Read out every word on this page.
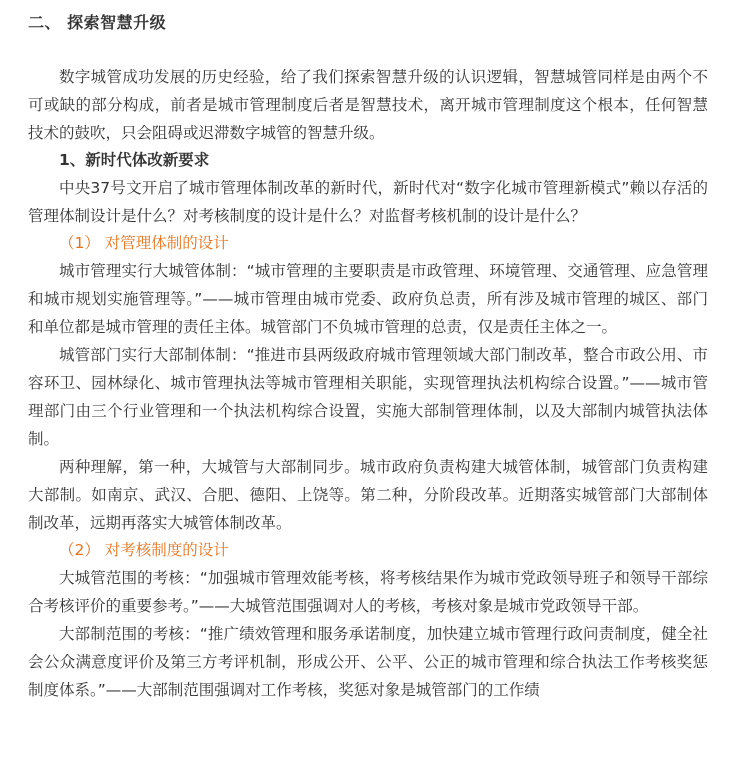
二、 探索智慧升级

数字城管成功发展的历史经验，给了我们探索智慧升级的认识逻辑，智慧城管同样是由两个不可或缺的部分构成，前者是城市管理制度后者是智慧技术，离开城市管理制度这个根本，任何智慧技术的鼓吹，只会阻碍或迟滞数字城管的智慧升级。

1、新时代体改新要求

中央37号文开启了城市管理体制改革的新时代，新时代对“数字化城市管理新模式”赖以存活的管理体制设计是什么？对考核制度的设计是什么？对监督考核机制的设计是什么？

（1） 对管理体制的设计

城市管理实行大城管体制：“城市管理的主要职责是市政管理、环境管理、交通管理、应急管理和城市规划实施管理等。”——城市管理由城市党委、政府负总责，所有涉及城市管理的城区、部门和单位都是城市管理的责任主体。城管部门不负城市管理的总责，仅是责任主体之一。

城管部门实行大部制体制：“推进市县两级政府城市管理领域大部门制改革，整合市政公用、市容环卫、园林绿化、城市管理执法等城市管理相关职能，实现管理执法机构综合设置。”——城市管理部门由三个行业管理和一个执法机构综合设置，实施大部制管理体制，以及大部制内城管执法体制。

两种理解，第一种，大城管与大部制同步。城市政府负责构建大城管体制，城管部门负责构建大部制。如南京、武汉、合肥、德阳、上饶等。第二种，分阶段改革。近期落实城管部门大部制体制改革，远期再落实大城管体制改革。

（2） 对考核制度的设计

大城管范围的考核：“加强城市管理效能考核，将考核结果作为城市党政领导班子和领导干部综合考核评价的重要参考。”——大城管范围强调对人的考核，考核对象是城市党政领导干部。

大部制范围的考核：“推广绩效管理和服务承诺制度，加快建立城市管理行政问责制度，健全社会公众满意度评价及第三方考评机制，形成公开、公平、公正的城市管理和综合执法工作考核奖惩制度体系。”——大部制范围强调对工作考核，奖惩对象是城管部门的工作绩
